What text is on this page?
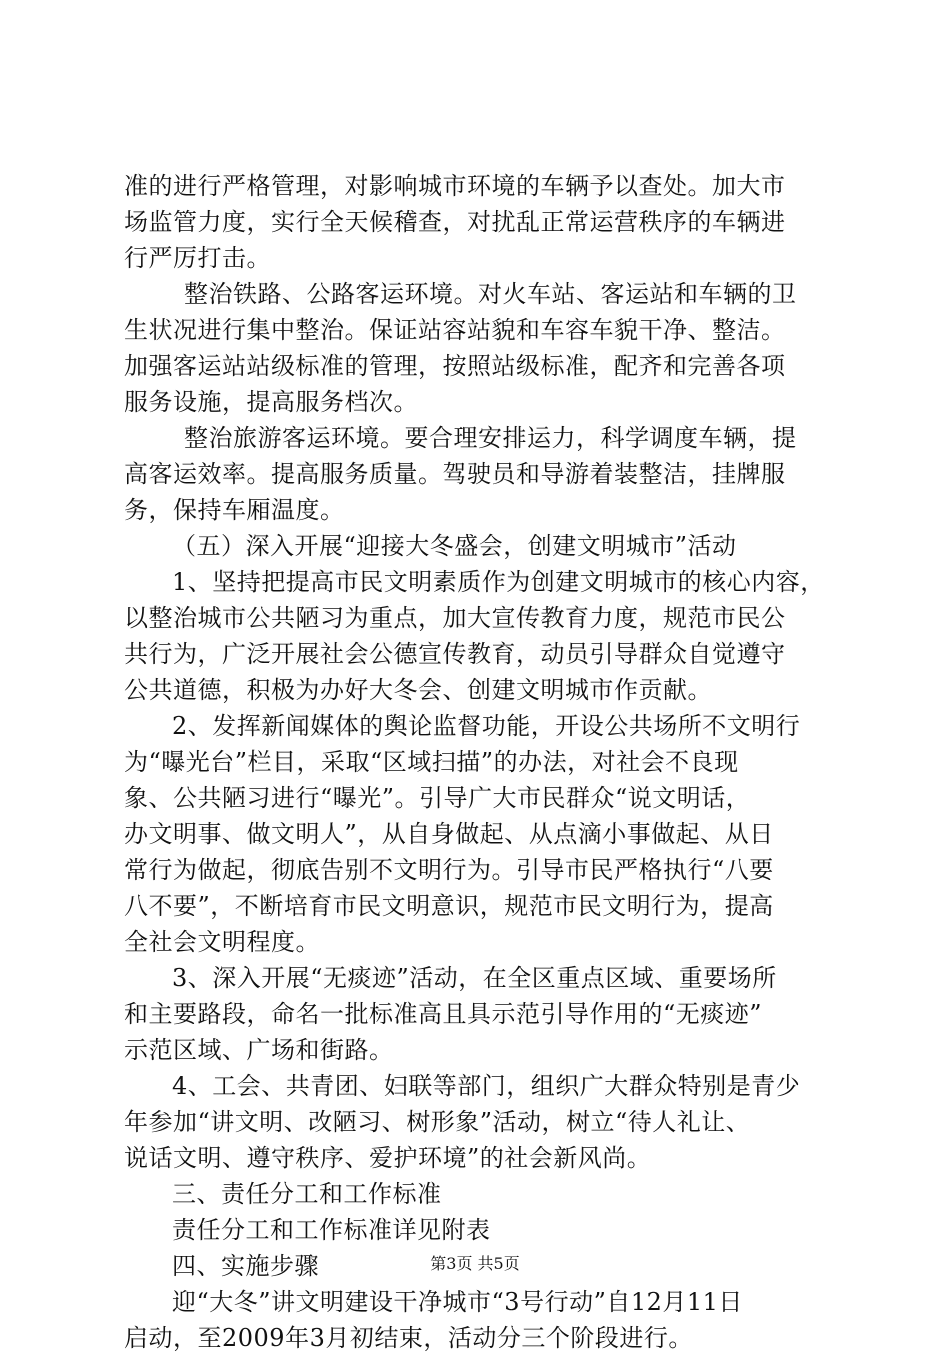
准的进行严格管理，对影响城市环境的车辆予以查处。加大市
场监管力度，实行全天候稽查，对扰乱正常运营秩序的车辆进
行严厉打击。
整治铁路、公路客运环境。对火车站、客运站和车辆的卫
生状况进行集中整治。保证站容站貌和车容车貌干净、整洁。
加强客运站站级标准的管理，按照站级标准，配齐和完善各项
服务设施，提高服务档次。
整治旅游客运环境。要合理安排运力，科学调度车辆，提
高客运效率。提高服务质量。驾驶员和导游着装整洁，挂牌服
务，保持车厢温度。
（五）深入开展“迎接大冬盛会，创建文明城市”活动
1、坚持把提高市民文明素质作为创建文明城市的核心内容，
以整治城市公共陋习为重点，加大宣传教育力度，规范市民公
共行为，广泛开展社会公德宣传教育，动员引导群众自觉遵守
公共道德，积极为办好大冬会、创建文明城市作贡献。
2、发挥新闻媒体的舆论监督功能，开设公共场所不文明行
为“曝光台”栏目，采取“区域扫描”的办法，对社会不良现
象、公共陋习进行“曝光”。引导广大市民群众“说文明话，
办文明事、做文明人”，从自身做起、从点滴小事做起、从日
常行为做起，彻底告别不文明行为。引导市民严格执行“八要
八不要”，不断培育市民文明意识，规范市民文明行为，提高
全社会文明程度。
3、深入开展“无痰迹”活动，在全区重点区域、重要场所
和主要路段，命名一批标准高且具示范引导作用的“无痰迹”
示范区域、广场和街路。
4、工会、共青团、妇联等部门，组织广大群众特别是青少
年参加“讲文明、改陋习、树形象”活动，树立“待人礼让、
说话文明、遵守秩序、爱护环境”的社会新风尚。
三、责任分工和工作标准
责任分工和工作标准详见附表
四、实施步骤
迎“大冬”讲文明建设干净城市“3号行动”自12月11日
启动，至2009年3月初结束，活动分三个阶段进行。
第3页 共5页
